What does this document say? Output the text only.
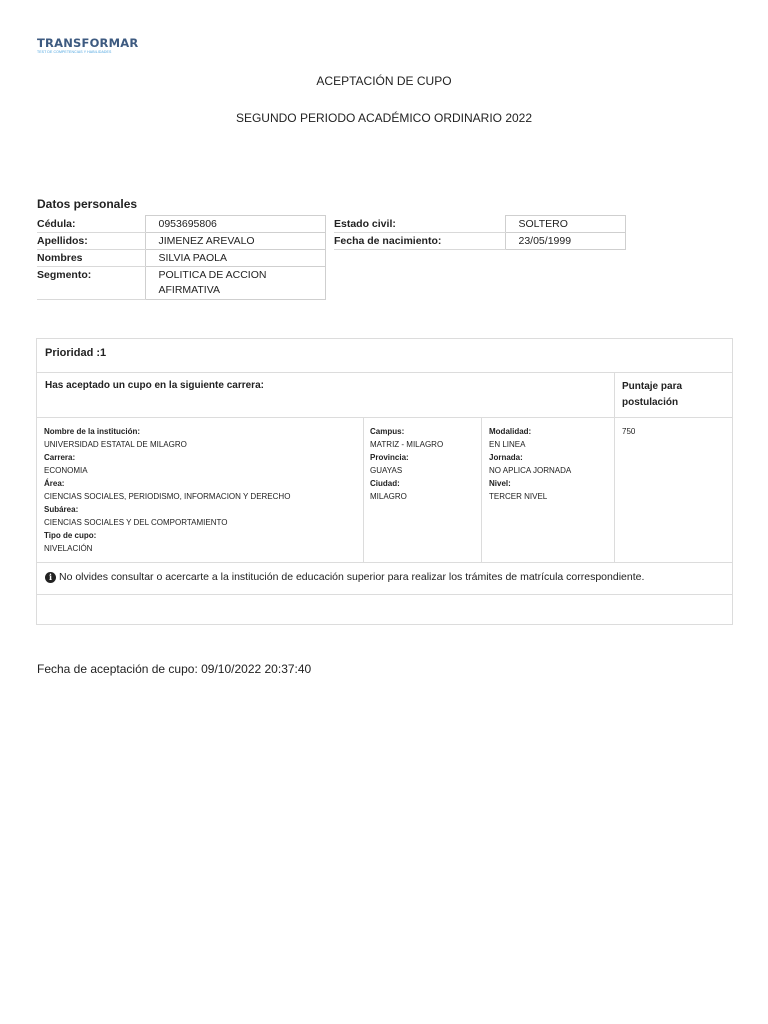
TRANSFORMAR
TEST DE COMPETENCIAS Y HABILIDADES
ACEPTACIÓN DE CUPO
SEGUNDO PERIODO ACADÉMICO ORDINARIO 2022
Datos personales
Cédula:	0953695806
Apellidos:	JIMENEZ AREVALO
Nombres	SILVIA PAOLA
Segmento:	POLITICA DE ACCION AFIRMATIVA
Estado civil:	SOLTERO
Fecha de nacimiento:	23/05/1999
Prioridad :1
Has aceptado un cupo en la siguiente carrera:	Puntaje para postulación
Nombre de la institución:
UNIVERSIDAD ESTATAL DE MILAGRO
Carrera:
ECONOMIA
Área:
CIENCIAS SOCIALES, PERIODISMO, INFORMACION Y DERECHO
Subárea:
CIENCIAS SOCIALES Y DEL COMPORTAMIENTO
Tipo de cupo:
NIVELACIÓN
Campus:
MATRIZ - MILAGRO
Provincia:
GUAYAS
Ciudad:
MILAGRO
Modalidad:
EN LINEA
Jornada:
NO APLICA JORNADA
Nivel:
TERCER NIVEL
750
i No olvides consultar o acercarte a la institución de educación superior para realizar los trámites de matrícula correspondiente.
Fecha de aceptación de cupo: 09/10/2022 20:37:40
